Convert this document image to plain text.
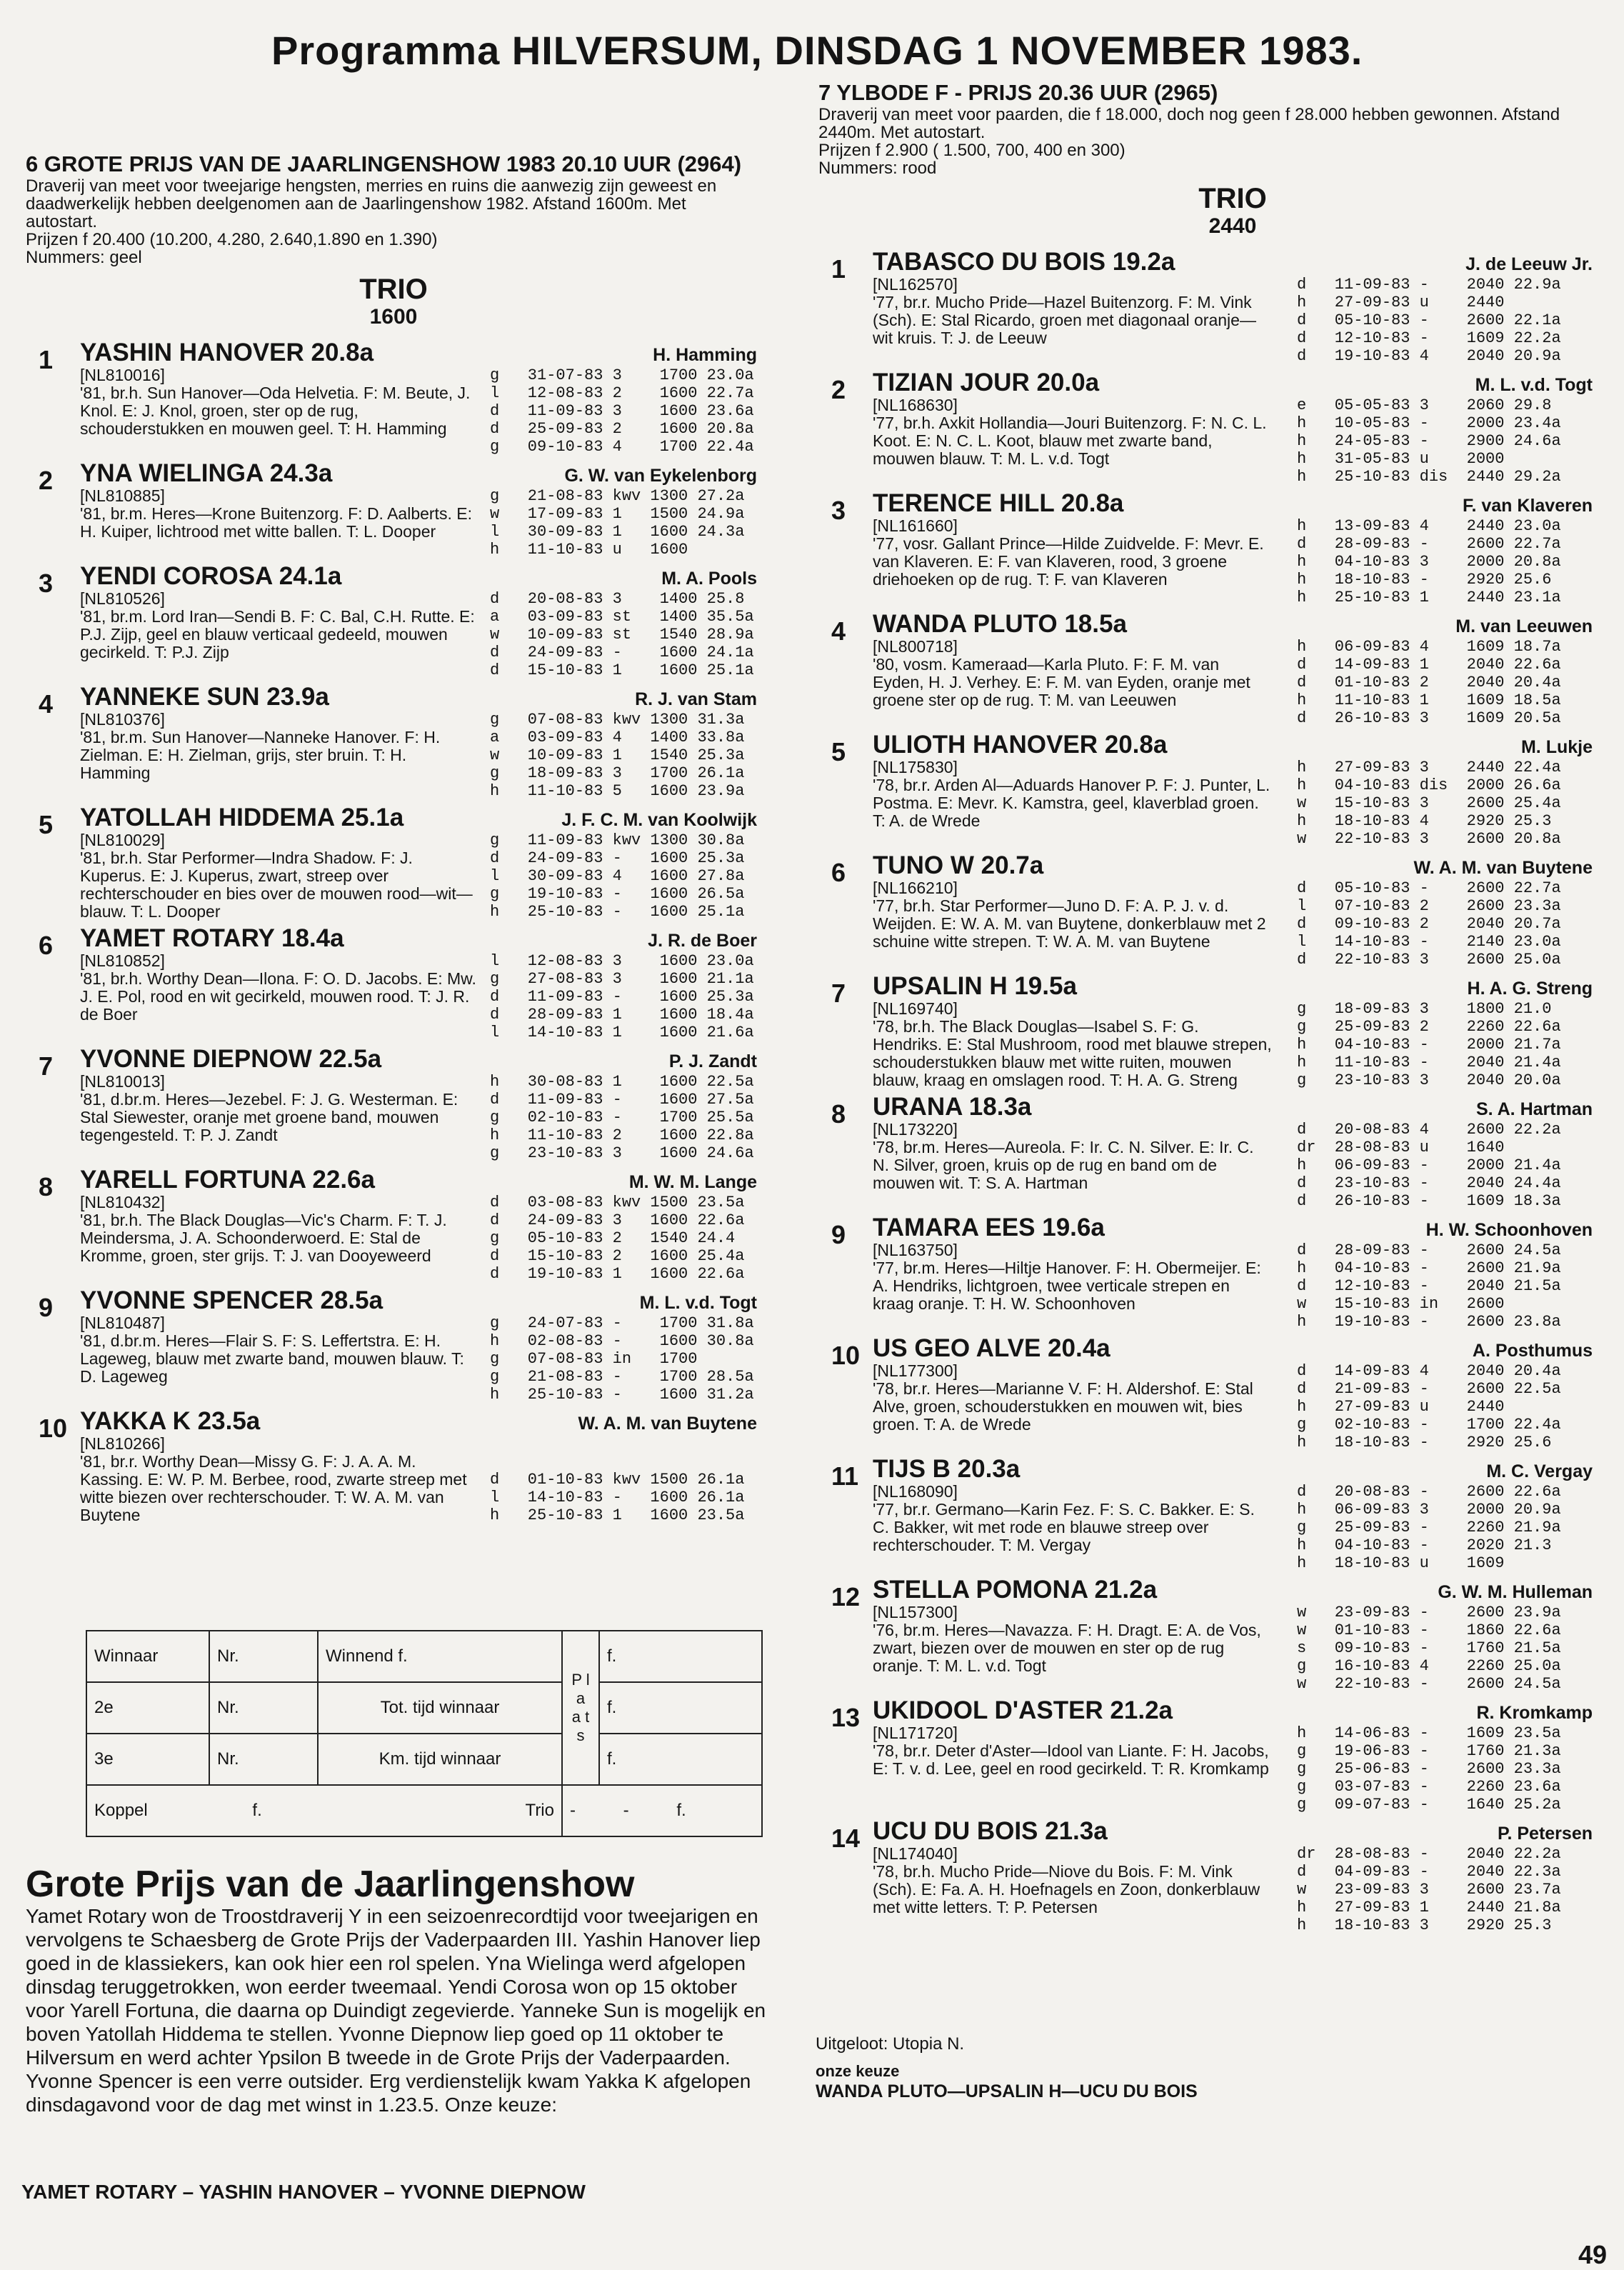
Programma HILVERSUM, DINSDAG 1 NOVEMBER 1983.
6 GROTE PRIJS VAN DE JAARLINGENSHOW 1983 20.10 UUR (2964)
Draverij van meet voor tweejarige hengsten, merries en ruins die aanwezig zijn geweest en daadwerkelijk hebben deelgenomen aan de Jaarlingenshow 1982. Afstand 1600m. Met autostart.
Prijzen f 20.400 (10.200, 4.280, 2.640,1.890 en 1.390)
Nummers: geel
TRIO
1600
1	YASHIN HANOVER 20.8a	H. Hamming
[NL810016]
'81, br.h. Sun Hanover—Oda Helvetia. F: M. Beute, J. Knol. E: J. Knol, groen, ster op de rug, schouderstukken en mouwen geel. T: H. Hamming
g   31-07-83 3    1700 23.0a
l   12-08-83 2    1600 22.7a
d   11-09-83 3    1600 23.6a
d   25-09-83 2    1600 20.8a
g   09-10-83 4    1700 22.4a
2	YNA WIELINGA 24.3a	G. W. van Eykelenborg
[NL810885]
'81, br.m. Heres—Krone Buitenzorg. F: D. Aalberts. E: H. Kuiper, lichtrood met witte ballen. T: L. Dooper
g   21-08-83 kwv 1300 27.2a
w   17-09-83 1   1500 24.9a
l   30-09-83 1   1600 24.3a
h   11-10-83 u   1600
3	YENDI COROSA 24.1a	M. A. Pools
[NL810526]
'81, br.m. Lord Iran—Sendi B. F: C. Bal, C.H. Rutte. E: P.J. Zijp, geel en blauw verticaal gedeeld, mouwen gecirkeld. T: P.J. Zijp
d   20-08-83 3    1400 25.8
a   03-09-83 st   1400 35.5a
w   10-09-83 st   1540 28.9a
d   24-09-83 -    1600 24.1a
d   15-10-83 1    1600 25.1a
4	YANNEKE SUN 23.9a	R. J. van Stam
[NL810376]
'81, br.m. Sun Hanover—Nanneke Hanover. F: H. Zielman. E: H. Zielman, grijs, ster bruin. T: H. Hamming
g   07-08-83 kwv 1300 31.3a
a   03-09-83 4   1400 33.8a
w   10-09-83 1   1540 25.3a
g   18-09-83 3   1700 26.1a
h   11-10-83 5   1600 23.9a
5	YATOLLAH HIDDEMA 25.1a	J. F. C. M. van Koolwijk
[NL810029]
'81, br.h. Star Performer—Indra Shadow. F: J. Kuperus. E: J. Kuperus, zwart, streep over rechterschouder en bies over de mouwen rood—wit—blauw. T: L. Dooper
g   11-09-83 kwv 1300 30.8a
d   24-09-83 -   1600 25.3a
l   30-09-83 4   1600 27.8a
g   19-10-83 -   1600 26.5a
h   25-10-83 -   1600 25.1a
6	YAMET ROTARY 18.4a	J. R. de Boer
[NL810852]
'81, br.h. Worthy Dean—Ilona. F: O. D. Jacobs. E: Mw. J. E. Pol, rood en wit gecirkeld, mouwen rood. T: J. R. de Boer
l   12-08-83 3    1600 23.0a
g   27-08-83 3    1600 21.1a
d   11-09-83 -    1600 25.3a
d   28-09-83 1    1600 18.4a
l   14-10-83 1    1600 21.6a
7	YVONNE DIEPNOW 22.5a	P. J. Zandt
[NL810013]
'81, d.br.m. Heres—Jezebel. F: J. G. Westerman. E: Stal Siewester, oranje met groene band, mouwen tegengesteld. T: P. J. Zandt
h   30-08-83 1    1600 22.5a
d   11-09-83 -    1600 27.5a
g   02-10-83 -    1700 25.5a
h   11-10-83 2    1600 22.8a
g   23-10-83 3    1600 24.6a
8	YARELL FORTUNA 22.6a	M. W. M. Lange
[NL810432]
'81, br.h. The Black Douglas—Vic's Charm. F: T. J. Meindersma, J. A. Schoonderwoerd. E: Stal de Kromme, groen, ster grijs. T: J. van Dooyeweerd
d   03-08-83 kwv 1500 23.5a
d   24-09-83 3   1600 22.6a
g   05-10-83 2   1540 24.4
d   15-10-83 2   1600 25.4a
d   19-10-83 1   1600 22.6a
9	YVONNE SPENCER 28.5a	M. L. v.d. Togt
[NL810487]
'81, d.br.m. Heres—Flair S. F: S. Leffertstra. E: H. Lageweg, blauw met zwarte band, mouwen blauw. T: D. Lageweg
g   24-07-83 -    1700 31.8a
h   02-08-83 -    1600 30.8a
g   07-08-83 in   1700
g   21-08-83 -    1700 28.5a
h   25-10-83 -    1600 31.2a
10 YAKKA K 23.5a	W. A. M. van Buytene
[NL810266]
'81, br.r. Worthy Dean—Missy G. F: J. A. A. M. Kassing. E: W. P. M. Berbee, rood, zwarte streep met witte biezen over rechterschouder. T: W. A. M. van Buytene

d   01-10-83 kwv 1500 26.1a
l   14-10-83 -   1600 26.1a
h   25-10-83 1   1600 23.5a
Winnaar	Nr.	Winnend f.	P l a a t s	f.
2e	Nr.	Tot. tijd winnaar		f.
3e	Nr.	Km. tijd winnaar		f.
Koppel f. Trio			- - f.	
Grote Prijs van de Jaarlingenshow
Yamet Rotary won de Troostdraverij Y in een seizoenrecordtijd voor tweejarigen en vervolgens te Schaesberg de Grote Prijs der Vaderpaarden III. Yashin Hanover liep goed in de klassiekers, kan ook hier een rol spelen. Yna Wielinga werd afgelopen dinsdag teruggetrokken, won eerder tweemaal. Yendi Corosa won op 15 oktober voor Yarell Fortuna, die daarna op Duindigt zegevierde. Yanneke Sun is mogelijk en boven Yatollah Hiddema te stellen. Yvonne Diepnow liep goed op 11 oktober te Hilversum en werd achter Ypsilon B tweede in de Grote Prijs der Vaderpaarden. Yvonne Spencer is een verre outsider. Erg verdienstelijk kwam Yakka K afgelopen dinsdagavond voor de dag met winst in 1.23.5. Onze keuze:
YAMET ROTARY – YASHIN HANOVER – YVONNE DIEPNOW
7 YLBODE F - PRIJS 20.36 UUR (2965)
Draverij van meet voor paarden, die f 18.000, doch nog geen f 28.000 hebben gewonnen. Afstand 2440m. Met autostart.
Prijzen f 2.900 ( 1.500, 700, 400 en 300)
Nummers: rood
TRIO
2440
1	TABASCO DU BOIS 19.2a	J. de Leeuw Jr.
[NL162570]
'77, br.r. Mucho Pride—Hazel Buitenzorg. F: M. Vink (Sch). E: Stal Ricardo, groen met diagonaal oranje—wit kruis. T: J. de Leeuw
d   11-09-83 -    2040 22.9a
h   27-09-83 u    2440
d   05-10-83 -    2600 22.1a
d   12-10-83 -    1609 22.2a
d   19-10-83 4    2040 20.9a
2	TIZIAN JOUR 20.0a	M. L. v.d. Togt
[NL168630]
'77, br.h. Axkit Hollandia—Jouri Buitenzorg. F: N. C. L. Koot. E: N. C. L. Koot, blauw met zwarte band, mouwen blauw. T: M. L. v.d. Togt
e   05-05-83 3    2060 29.8
h   10-05-83 -    2000 23.4a
h   24-05-83 -    2900 24.6a
h   31-05-83 u    2000
h   25-10-83 dis  2440 29.2a
3	TERENCE HILL 20.8a	F. van Klaveren
[NL161660]
'77, vosr. Gallant Prince—Hilde Zuidvelde. F: Mevr. E. van Klaveren. E: F. van Klaveren, rood, 3 groene driehoeken op de rug. T: F. van Klaveren
h   13-09-83 4    2440 23.0a
d   28-09-83 -    2600 22.7a
h   04-10-83 3    2000 20.8a
h   18-10-83 -    2920 25.6
h   25-10-83 1    2440 23.1a
4	WANDA PLUTO 18.5a	M. van Leeuwen
[NL800718]
'80, vosm. Kameraad—Karla Pluto. F: F. M. van Eyden, H. J. Verhey. E: F. M. van Eyden, oranje met groene ster op de rug. T: M. van Leeuwen
h   06-09-83 4    1609 18.7a
d   14-09-83 1    2040 22.6a
d   01-10-83 2    2040 20.4a
h   11-10-83 1    1609 18.5a
d   26-10-83 3    1609 20.5a
5	ULIOTH HANOVER 20.8a	M. Lukje
[NL175830]
'78, br.r. Arden Al—Aduards Hanover P. F: J. Punter, L. Postma. E: Mevr. K. Kamstra, geel, klaverblad groen. T: A. de Wrede
h   27-09-83 3    2440 22.4a
h   04-10-83 dis  2000 26.6a
w   15-10-83 3    2600 25.4a
h   18-10-83 4    2920 25.3
w   22-10-83 3    2600 20.8a
6	TUNO W 20.7a	W. A. M. van Buytene
[NL166210]
'77, br.h. Star Performer—Juno D. F: A. P. J. v. d. Weijden. E: W. A. M. van Buytene, donkerblauw met 2 schuine witte strepen. T: W. A. M. van Buytene
d   05-10-83 -    2600 22.7a
l   07-10-83 2    2600 23.3a
d   09-10-83 2    2040 20.7a
l   14-10-83 -    2140 23.0a
d   22-10-83 3    2600 25.0a
7	UPSALIN H 19.5a	H. A. G. Streng
[NL169740]
'78, br.h. The Black Douglas—Isabel S. F: G. Hendriks. E: Stal Mushroom, rood met blauwe strepen, schouderstukken blauw met witte ruiten, mouwen blauw, kraag en omslagen rood. T: H. A. G. Streng
g   18-09-83 3    1800 21.0
g   25-09-83 2    2260 22.6a
h   04-10-83 -    2000 21.7a
h   11-10-83 -    2040 21.4a
g   23-10-83 3    2040 20.0a
8	URANA 18.3a	S. A. Hartman
[NL173220]
'78, br.m. Heres—Aureola. F: Ir. C. N. Silver. E: Ir. C. N. Silver, groen, kruis op de rug en band om de mouwen wit. T: S. A. Hartman
d   20-08-83 4    2600 22.2a
dr  28-08-83 u    1640
h   06-09-83 -    2000 21.4a
d   23-10-83 -    2040 24.4a
d   26-10-83 -    1609 18.3a
9	TAMARA EES 19.6a	H. W. Schoonhoven
[NL163750]
'77, br.m. Heres—Hiltje Hanover. F: H. Obermeijer. E: A. Hendriks, lichtgroen, twee verticale strepen en kraag oranje. T: H. W. Schoonhoven
d   28-09-83 -    2600 24.5a
h   04-10-83 -    2600 21.9a
d   12-10-83 -    2040 21.5a
w   15-10-83 in   2600
h   19-10-83 -    2600 23.8a
10 US GEO ALVE 20.4a	A. Posthumus
[NL177300]
'78, br.r. Heres—Marianne V. F: H. Aldershof. E: Stal Alve, groen, schouderstukken en mouwen wit, bies groen. T: A. de Wrede
d   14-09-83 4    2040 20.4a
d   21-09-83 -    2600 22.5a
h   27-09-83 u    2440
g   02-10-83 -    1700 22.4a
h   18-10-83 -    2920 25.6
11 TIJS B 20.3a	M. C. Vergay
[NL168090]
'77, br.r. Germano—Karin Fez. F: S. C. Bakker. E: S. C. Bakker, wit met rode en blauwe streep over rechterschouder. T: M. Vergay
d   20-08-83 -    2600 22.6a
h   06-09-83 3    2000 20.9a
g   25-09-83 -    2260 21.9a
h   04-10-83 -    2020 21.3
h   18-10-83 u    1609
12 STELLA POMONA 21.2a	G. W. M. Hulleman
[NL157300]
'76, br.m. Heres—Navazza. F: H. Dragt. E: A. de Vos, zwart, biezen over de mouwen en ster op de rug oranje. T: M. L. v.d. Togt
w   23-09-83 -    2600 23.9a
w   01-10-83 -    1860 22.6a
s   09-10-83 -    1760 21.5a
g   16-10-83 4    2260 25.0a
w   22-10-83 -    2600 24.5a
13 UKIDOOL D'ASTER 21.2a	R. Kromkamp
[NL171720]
'78, br.r. Deter d'Aster—Idool van Liante. F: H. Jacobs, E: T. v. d. Lee, geel en rood gecirkeld. T: R. Kromkamp
h   14-06-83 -    1609 23.5a
g   19-06-83 -    1760 21.3a
g   25-06-83 -    2600 23.3a
g   03-07-83 -    2260 23.6a
g   09-07-83 -    1640 25.2a
14 UCU DU BOIS 21.3a	P. Petersen
[NL174040]
'78, br.h. Mucho Pride—Niove du Bois. F: M. Vink (Sch). E: Fa. A. H. Hoefnagels en Zoon, donkerblauw met witte letters. T: P. Petersen
dr  28-08-83 -    2040 22.2a
d   04-09-83 -    2040 22.3a
w   23-09-83 3    2600 23.7a
h   27-09-83 1    2440 21.8a
h   18-10-83 3    2920 25.3
Uitgeloot: Utopia N.
onze keuze
WANDA PLUTO—UPSALIN H—UCU DU BOIS
49
